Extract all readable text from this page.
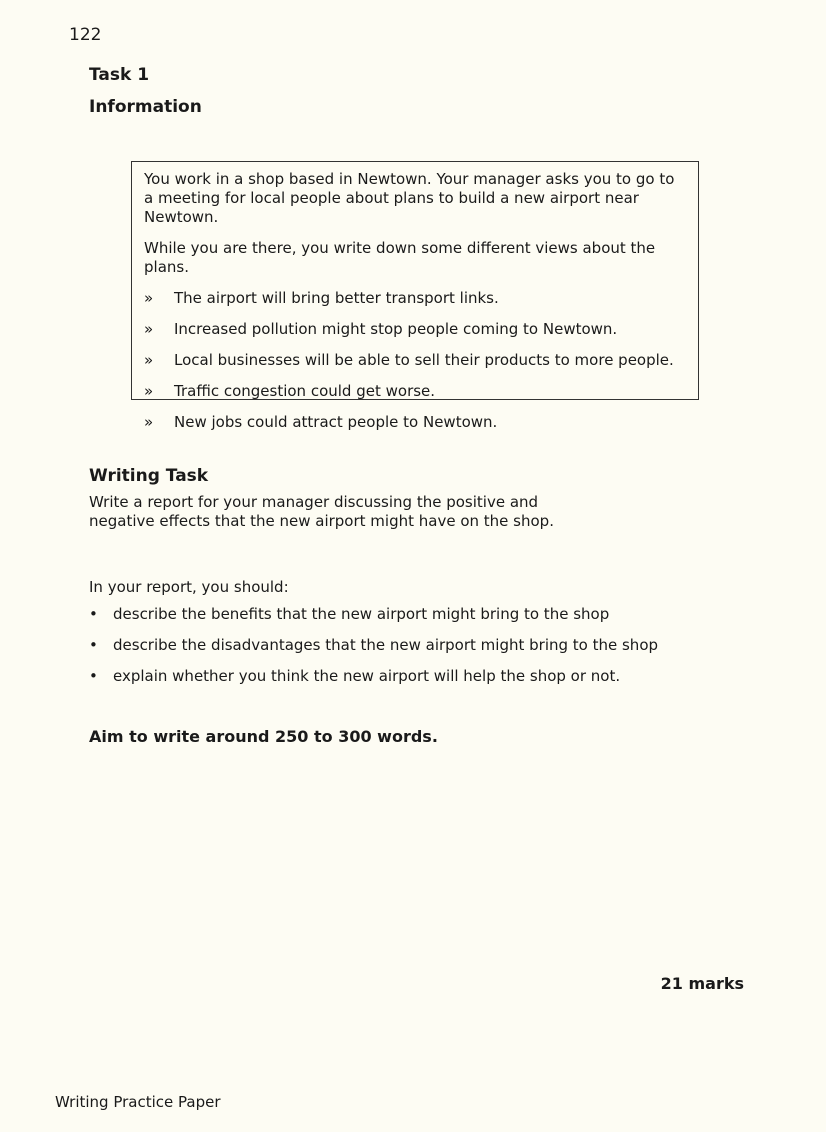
122
Task 1
Information

You work in a shop based in Newtown. Your manager asks you to go to a meeting for local people about plans to build a new airport near Newtown.

While you are there, you write down some different views about the plans.

»	The airport will bring better transport links.
»	Increased pollution might stop people coming to Newtown.
»	Local businesses will be able to sell their products to more people.
»	Traffic congestion could get worse.
»	New jobs could attract people to Newtown.
Writing Task

Write a report for your manager discussing the positive and negative effects that the new airport might have on the shop.

In your report, you should:

•	describe the benefits that the new airport might bring to the shop
•	describe the disadvantages that the new airport might bring to the shop
•	explain whether you think the new airport will help the shop or not.

Aim to write around 250 to 300 words.

21 marks

Writing Practice Paper
